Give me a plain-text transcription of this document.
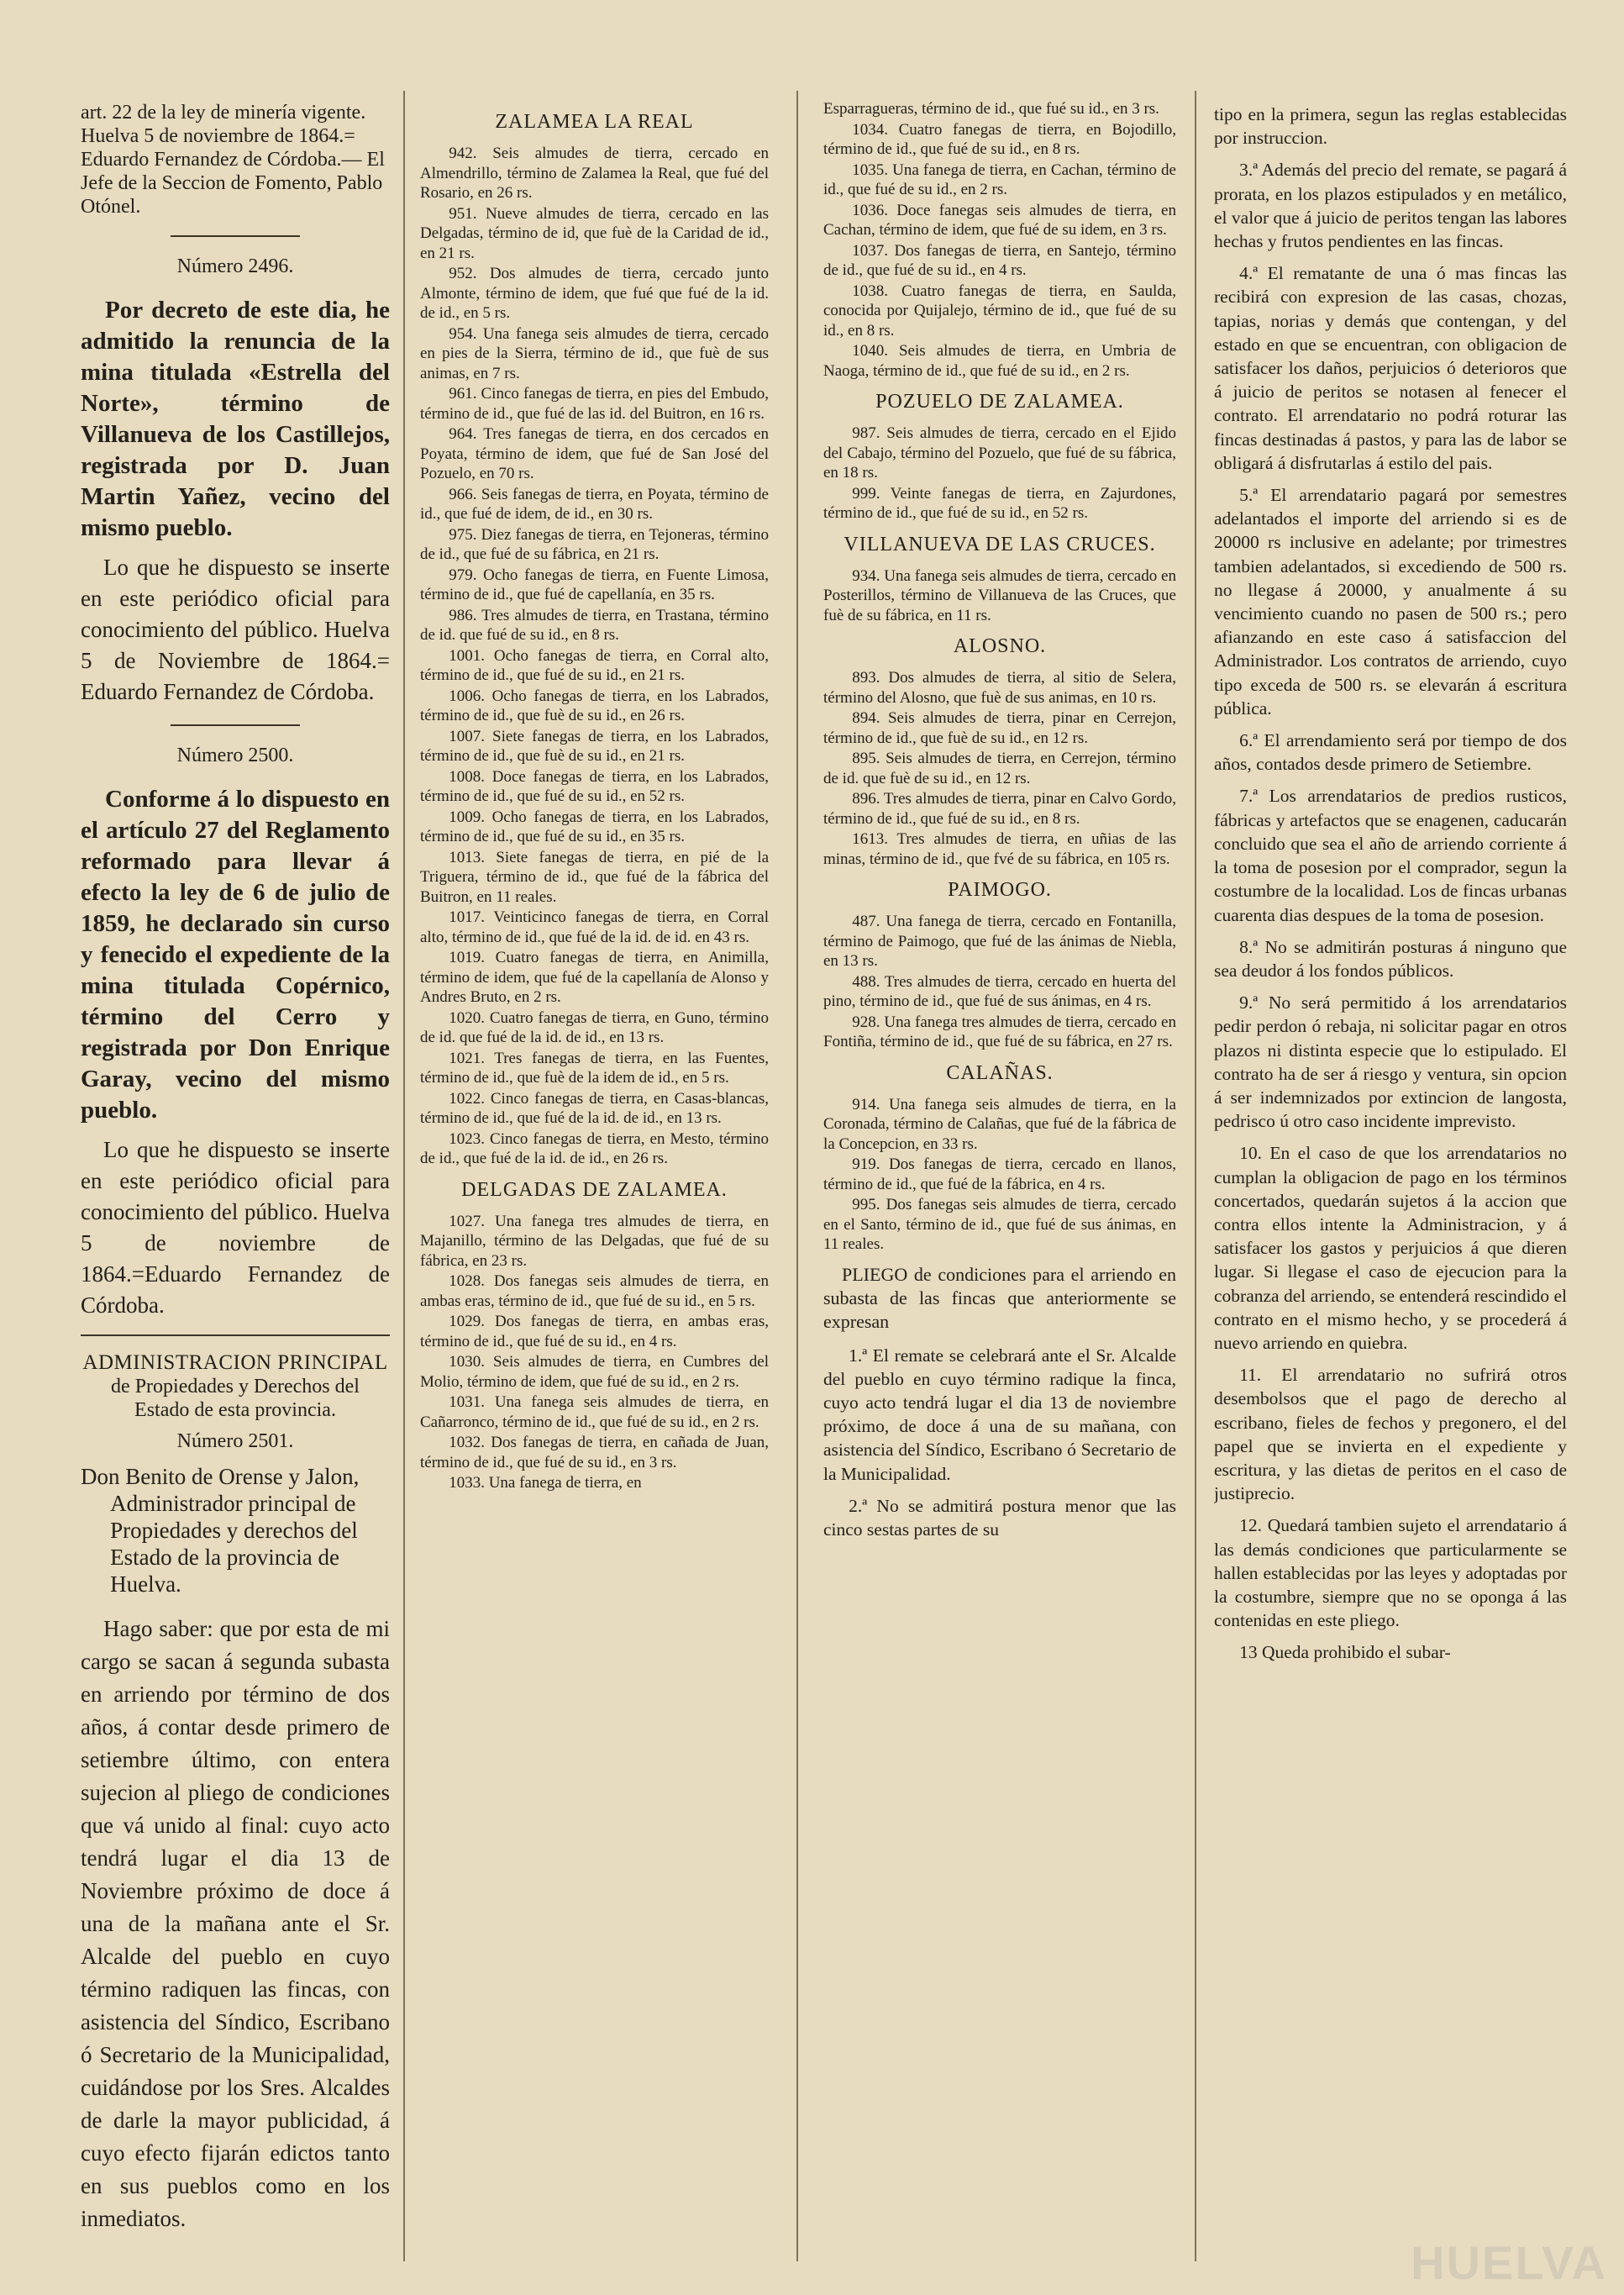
art. 22 de la ley de minería vigente. Huelva 5 de noviembre de 1864.= Eduardo Fernandez de Córdoba.— El Jefe de la Seccion de Fomento, Pablo Otónel.

Número 2496.

Por decreto de este dia, he admitido la renuncia de la mina titulada «Estrella del Norte», término de Villanueva de los Castillejos, registrada por D. Juan Martin Yañez, vecino del mismo pueblo.

Lo que he dispuesto se inserte en este periódico oficial para conocimiento del público. Huelva 5 de Noviembre de 1864.= Eduardo Fernandez de Córdoba.

Número 2500.

Conforme á lo dispuesto en el artículo 27 del Reglamento reformado para llevar á efecto la ley de 6 de julio de 1859, he declarado sin curso y fenecido el expediente de la mina titulada Copérnico, término del Cerro y registrada por Don Enrique Garay, vecino del mismo pueblo.

Lo que he dispuesto se inserte en este periódico oficial para conocimiento del público. Huelva 5 de noviembre de 1864.=Eduardo Fernandez de Córdoba.

ADMINISTRACION PRINCIPAL
de Propiedades y Derechos del
Estado de esta provincia.

Número 2501.

Don Benito de Orense y Jalon, Administrador principal de Propiedades y derechos del Estado de la provincia de Huelva.

Hago saber: que por esta de mi cargo se sacan á segunda subasta en arriendo por término de dos años, á contar desde primero de setiembre último, con entera sujecion al pliego de condiciones que vá unido al final: cuyo acto tendrá lugar el dia 13 de Noviembre próximo de doce á una de la mañana ante el Sr. Alcalde del pueblo en cuyo término radiquen las fincas, con asistencia del Síndico, Escribano ó Secretario de la Municipalidad, cuidándose por los Sres. Alcaldes de darle la mayor publicidad, á cuyo efecto fijarán edictos tanto en sus pueblos como en los inmediatos.

ZALAMEA LA REAL

942. Seis almudes de tierra, cercado en Almendrillo, término de Zalamea la Real, que fué del Rosario, en 26 rs.

951. Nueve almudes de tierra, cercado en las Delgadas, término de id, que fuè de la Caridad de id., en 21 rs.

952. Dos almudes de tierra, cercado junto Almonte, término de idem, que fué que fué de la id. de id., en 5 rs.

954. Una fanega seis almudes de tierra, cercado en pies de la Sierra, término de id., que fuè de sus animas, en 7 rs.

961. Cinco fanegas de tierra, en pies del Embudo, término de id., que fué de las id. del Buitron, en 16 rs.

964. Tres fanegas de tierra, en dos cercados en Poyata, término de idem, que fué de San José del Pozuelo, en 70 rs.

966. Seis fanegas de tierra, en Poyata, término de id., que fué de idem, de id., en 30 rs.

975. Diez fanegas de tierra, en Tejoneras, término de id., que fué de su fábrica, en 21 rs.

979. Ocho fanegas de tierra, en Fuente Limosa, término de id., que fué de capellanía, en 35 rs.

986. Tres almudes de tierra, en Trastana, término de id. que fué de su id., en 8 rs.

1001. Ocho fanegas de tierra, en Corral alto, término de id., que fué de su id., en 21 rs.

1006. Ocho fanegas de tierra, en los Labrados, término de id., que fuè de su id., en 26 rs.

1007. Siete fanegas de tierra, en los Labrados, término de id., que fuè de su id., en 21 rs.

1008. Doce fanegas de tierra, en los Labrados, término de id., que fué de su id., en 52 rs.

1009. Ocho fanegas de tierra, en los Labrados, término de id., que fué de su id., en 35 rs.

1013. Siete fanegas de tierra, en pié de la Triguera, término de id., que fué de la fábrica del Buitron, en 11 reales.

1017. Veinticinco fanegas de tierra, en Corral alto, término de id., que fué de la id. de id. en 43 rs.

1019. Cuatro fanegas de tierra, en Animilla, término de idem, que fué de la capellanía de Alonso y Andres Bruto, en 2 rs.

1020. Cuatro fanegas de tierra, en Guno, término de id. que fué de la id. de id., en 13 rs.

1021. Tres fanegas de tierra, en las Fuentes, término de id., que fuè de la idem de id., en 5 rs.

1022. Cinco fanegas de tierra, en Casas-blancas, término de id., que fué de la id. de id., en 13 rs.

1023. Cinco fanegas de tierra, en Mesto, término de id., que fué de la id. de id., en 26 rs.

DELGADAS DE ZALAMEA.

1027. Una fanega tres almudes de tierra, en Majanillo, término de las Delgadas, que fué de su fábrica, en 23 rs.

1028. Dos fanegas seis almudes de tierra, en ambas eras, término de id., que fué de su id., en 5 rs.

1029. Dos fanegas de tierra, en ambas eras, término de id., que fué de su id., en 4 rs.

1030. Seis almudes de tierra, en Cumbres del Molio, término de idem, que fué de su id., en 2 rs.

1031. Una fanega seis almudes de tierra, en Cañarronco, término de id., que fué de su id., en 2 rs.

1032. Dos fanegas de tierra, en cañada de Juan, término de id., que fué de su id., en 3 rs.

1033. Una fanega de tierra, en

Esparragueras, término de id., que fué su id., en 3 rs.

1034. Cuatro fanegas de tierra, en Bojodillo, término de id., que fué de su id., en 8 rs.

1035. Una fanega de tierra, en Cachan, término de id., que fué de su id., en 2 rs.

1036. Doce fanegas seis almudes de tierra, en Cachan, término de idem, que fué de su idem, en 3 rs.

1037. Dos fanegas de tierra, en Santejo, término de id., que fué de su id., en 4 rs.

1038. Cuatro fanegas de tierra, en Saulda, conocida por Quijalejo, término de id., que fué de su id., en 8 rs.

1040. Seis almudes de tierra, en Umbria de Naoga, término de id., que fué de su id., en 2 rs.

POZUELO DE ZALAMEA.

987. Seis almudes de tierra, cercado en el Ejido del Cabajo, término del Pozuelo, que fué de su fábrica, en 18 rs.

999. Veinte fanegas de tierra, en Zajurdones, término de id., que fué de su id., en 52 rs.

VILLANUEVA DE LAS CRUCES.

934. Una fanega seis almudes de tierra, cercado en Posterillos, término de Villanueva de las Cruces, que fuè de su fábrica, en 11 rs.

ALOSNO.

893. Dos almudes de tierra, al sitio de Selera, término del Alosno, que fuè de sus animas, en 10 rs.

894. Seis almudes de tierra, pinar en Cerrejon, término de id., que fuè de su id., en 12 rs.

895. Seis almudes de tierra, en Cerrejon, término de id. que fuè de su id., en 12 rs.

896. Tres almudes de tierra, pinar en Calvo Gordo, término de id., que fué de su id., en 8 rs.

1613. Tres almudes de tierra, en uñias de las minas, término de id., que fvé de su fábrica, en 105 rs.

PAIMOGO.

487. Una fanega de tierra, cercado en Fontanilla, término de Paimogo, que fué de las ánimas de Niebla, en 13 rs.

488. Tres almudes de tierra, cercado en huerta del pino, término de id., que fué de sus ánimas, en 4 rs.

928. Una fanega tres almudes de tierra, cercado en Fontiña, término de id., que fué de su fábrica, en 27 rs.

CALAÑAS.

914. Una fanega seis almudes de tierra, en la Coronada, término de Calañas, que fué de la fábrica de la Concepcion, en 33 rs.

919. Dos fanegas de tierra, cercado en llanos, término de id., que fué de la fábrica, en 4 rs.

995. Dos fanegas seis almudes de tierra, cercado en el Santo, término de id., que fué de sus ánimas, en 11 reales.

PLIEGO de condiciones para el arriendo en subasta de las fincas que anteriormente se expresan

1.ª El remate se celebrará ante el Sr. Alcalde del pueblo en cuyo término radique la finca, cuyo acto tendrá lugar el dia 13 de noviembre próximo, de doce á una de su mañana, con asistencia del Síndico, Escribano ó Secretario de la Municipalidad.

2.ª No se admitirá postura menor que las cinco sestas partes de su

tipo en la primera, segun las reglas establecidas por instruccion.

3.ª Además del precio del remate, se pagará á prorata, en los plazos estipulados y en metálico, el valor que á juicio de peritos tengan las labores hechas y frutos pendientes en las fincas.

4.ª El rematante de una ó mas fincas las recibirá con expresion de las casas, chozas, tapias, norias y demás que contengan, y del estado en que se encuentran, con obligacion de satisfacer los daños, perjuicios ó deterioros que á juicio de peritos se notasen al fenecer el contrato. El arrendatario no podrá roturar las fincas destinadas á pastos, y para las de labor se obligará á disfrutarlas á estilo del pais.

5.ª El arrendatario pagará por semestres adelantados el importe del arriendo si es de 20000 rs inclusive en adelante; por trimestres tambien adelantados, si excediendo de 500 rs. no llegase á 20000, y anualmente á su vencimiento cuando no pasen de 500 rs.; pero afianzando en este caso á satisfaccion del Administrador. Los contratos de arriendo, cuyo tipo exceda de 500 rs. se elevarán á escritura pública.

6.ª El arrendamiento será por tiempo de dos años, contados desde primero de Setiembre.

7.ª Los arrendatarios de predios rusticos, fábricas y artefactos que se enagenen, caducarán concluido que sea el año de arriendo corriente á la toma de posesion por el comprador, segun la costumbre de la localidad. Los de fincas urbanas cuarenta dias despues de la toma de posesion.

8.ª No se admitirán posturas á ninguno que sea deudor á los fondos públicos.

9.ª No será permitido á los arrendatarios pedir perdon ó rebaja, ni solicitar pagar en otros plazos ni distinta especie que lo estipulado. El contrato ha de ser á riesgo y ventura, sin opcion á ser indemnizados por extincion de langosta, pedrisco ú otro caso incidente imprevisto.

10. En el caso de que los arrendatarios no cumplan la obligacion de pago en los términos concertados, quedarán sujetos á la accion que contra ellos intente la Administracion, y á satisfacer los gastos y perjuicios á que dieren lugar. Si llegase el caso de ejecucion para la cobranza del arriendo, se entenderá rescindido el contrato en el mismo hecho, y se procederá á nuevo arriendo en quiebra.

11. El arrendatario no sufrirá otros desembolsos que el pago de derecho al escribano, fieles de fechos y pregonero, el del papel que se invierta en el expediente y escritura, y las dietas de peritos en el caso de justiprecio.

12. Quedará tambien sujeto el arrendatario á las demás condiciones que particularmente se hallen establecidas por las leyes y adoptadas por la costumbre, siempre que no se oponga á las contenidas en este pliego.

13 Queda prohibido el subar-

HUELVA
